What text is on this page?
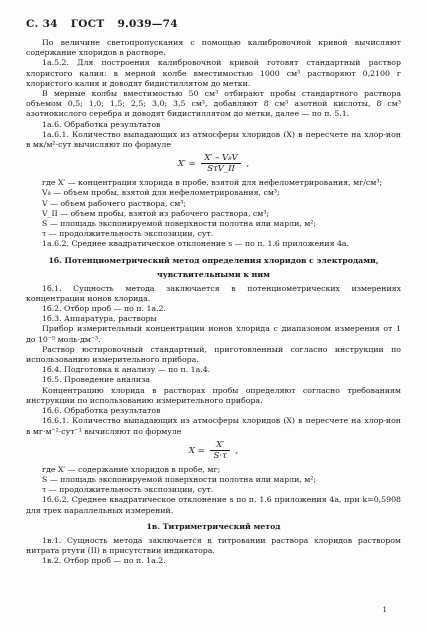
С. 34 ГОСТ 9.039—74

По величине светопропускания с помощью калибровочной кривой вычисляют содержание хлоридов в растворе.

1а.5.2. Для построения калибровочной кривой готовят стандартный раствор хлористого калия: в мерной колбе вместимостью 1000 см³ растворяют 0,2100 г хлористого калия и доводят бидистиллятом до метки.

В мерные колбы вместимостью 50 см³ отбирают пробы стандартного раствора объемом 0,5; 1,0; 1,5; 2,5; 3,0; 3,5 см³, добавляют 8 см³ азотной кислоты, 8 см³ азотнокислого серебра и доводят бидистиллятом до метки, далее — по п. 5.1.

1а.6. Обработка результатов

1а.6.1. Количество выпадающих из атмосферы хлоридов (X) в пересчете на хлор-ион в мк/м²·сут вычисляют по формуле

$X' = \frac{\text{X′ – V₈V}}{\text{SτV\_II}}$ ,

где X′ — концентрация хлорида в пробе, взятой для нефелометрирования, мг/см³;

V₈ — объем пробы, взятой для нефелометрирования, см³;

V — объем рабочего раствора, см³;

V_II — объем пробы, взятой из рабочего раствора, см³;

S — площадь экспонируемой поверхности полотна или марли, м²;

τ — продолжительность экспозиции, сут.

1а.6.2. Среднее квадратическое отклонение s — по п. 1.6 приложения 4а.

1б. Потенциометрический метод определения хлоридов с электродами,
чувствительными к ним

1б.1. Сущность метода заключается в потенциометрических измерениях концентрации ионов хлорида.

1б.2. Отбор проб — по п. 1а.2.

1б.3. Аппаратура, растворы

Прибор измерительный концентрации ионов хлорида с диапазоном измерения от 1 до 10⁻⁵ моль·дм⁻³.

Раствор юстировочный стандартный, приготовленный согласно инструкции по использованию измерительного прибора.

1б.4. Подготовка к анализу — по п. 1а.4.

1б.5. Проведение анализа

Концентрацию хлорида в растворах пробы определяют согласно требованиям инструкции по использованию измерительного прибора.

1б.6. Обработка результатов

1б.6.1. Количество выпадающих из атмосферы хлоридов (X) в пересчете на хлор-ион в мг·м⁻²·сут⁻¹ вычисляют по формуле

$X = \frac{X'}{S\cdot\tau}$ ,

где X′ — содержание хлоридов в пробе, мг;

S — площадь экспонируемой поверхности полотна или марли, м²;

τ — продолжительность экспозиции, сут.

1б.6.2. Среднее квадратическое отклонение s по п. 1.6 приложения 4а, при k=0,5908 для трех параллельных измерений.

1в. Титриметрический метод

1в.1. Сущность метода заключается в титровании раствора хлоридов раствором нитрата ртути (II) в присутствии индикатора.

1в.2. Отбор проб — по п. 1а.2.

1
